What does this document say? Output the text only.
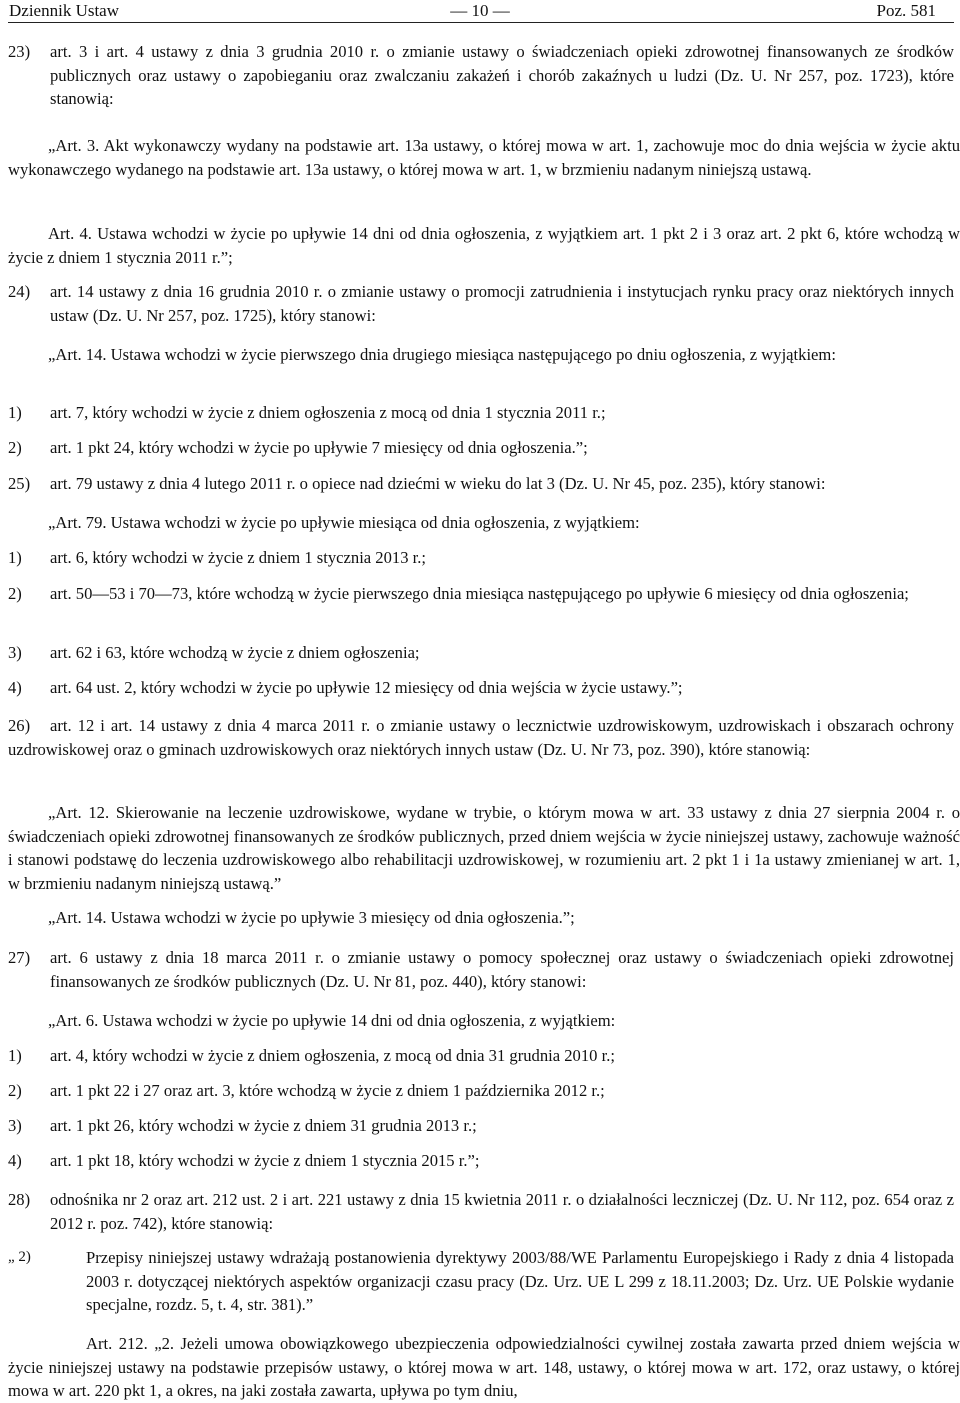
Dziennik Ustaw	— 10 —	Poz. 581
23) art. 3 i art. 4 ustawy z dnia 3 grudnia 2010 r. o zmianie ustawy o świadczeniach opieki zdrowotnej finansowanych ze środków publicznych oraz ustawy o zapobieganiu oraz zwalczaniu zakażeń i chorób zakaźnych u ludzi (Dz. U. Nr 257, poz. 1723), które stanowią:
„Art. 3. Akt wykonawczy wydany na podstawie art. 13a ustawy, o której mowa w art. 1, zachowuje moc do dnia wejścia w życie aktu wykonawczego wydanego na podstawie art. 13a ustawy, o której mowa w art. 1, w brzmieniu nadanym niniejszą ustawą.
Art. 4. Ustawa wchodzi w życie po upływie 14 dni od dnia ogłoszenia, z wyjątkiem art. 1 pkt 2 i 3 oraz art. 2 pkt 6, które wchodzą w życie z dniem 1 stycznia 2011 r.”;
24) art. 14 ustawy z dnia 16 grudnia 2010 r. o zmianie ustawy o promocji zatrudnienia i instytucjach rynku pracy oraz niektórych innych ustaw (Dz. U. Nr 257, poz. 1725), który stanowi:
„Art. 14. Ustawa wchodzi w życie pierwszego dnia drugiego miesiąca następującego po dniu ogłoszenia, z wyjątkiem:
1) art. 7, który wchodzi w życie z dniem ogłoszenia z mocą od dnia 1 stycznia 2011 r.;
2) art. 1 pkt 24, który wchodzi w życie po upływie 7 miesięcy od dnia ogłoszenia.”;
25) art. 79 ustawy z dnia 4 lutego 2011 r. o opiece nad dziećmi w wieku do lat 3 (Dz. U. Nr 45, poz. 235), który stanowi:
„Art. 79. Ustawa wchodzi w życie po upływie miesiąca od dnia ogłoszenia, z wyjątkiem:
1) art. 6, który wchodzi w życie z dniem 1 stycznia 2013 r.;
2) art. 50—53 i 70—73, które wchodzą w życie pierwszego dnia miesiąca następującego po upływie 6 miesięcy od dnia ogłoszenia;
3) art. 62 i 63, które wchodzą w życie z dniem ogłoszenia;
4) art. 64 ust. 2, który wchodzi w życie po upływie 12 miesięcy od dnia wejścia w życie ustawy.”;
26)	art. 12 i art. 14 ustawy z dnia 4 marca 2011 r. o zmianie ustawy o lecznictwie uzdrowiskowym, uzdrowiskach i obszarach ochrony uzdrowiskowej oraz o gminach uzdrowiskowych oraz niektórych innych ustaw (Dz. U. Nr 73, poz. 390), które stanowią:
„Art. 12. Skierowanie na leczenie uzdrowiskowe, wydane w trybie, o którym mowa w art. 33 ustawy z dnia 27 sierpnia 2004 r. o świadczeniach opieki zdrowotnej finansowanych ze środków publicznych, przed dniem wejścia w życie niniejszej ustawy, zachowuje ważność i stanowi podstawę do leczenia uzdrowiskowego albo rehabilitacji uzdrowiskowej, w rozumieniu art. 2 pkt 1 i 1a ustawy zmienianej w art. 1, w brzmieniu nadanym niniejszą ustawą.”
„Art. 14. Ustawa wchodzi w życie po upływie 3 miesięcy od dnia ogłoszenia.”;
27) art. 6 ustawy z dnia 18 marca 2011 r. o zmianie ustawy o pomocy społecznej oraz ustawy o świadczeniach opieki zdrowotnej finansowanych ze środków publicznych (Dz. U. Nr 81, poz. 440), który stanowi:
„Art. 6. Ustawa wchodzi w życie po upływie 14 dni od dnia ogłoszenia, z wyjątkiem:
1) art. 4, który wchodzi w życie z dniem ogłoszenia, z mocą od dnia 31 grudnia 2010 r.;
2) art. 1 pkt 22 i 27 oraz art. 3, które wchodzą w życie z dniem 1 października 2012 r.;
3) art. 1 pkt 26, który wchodzi w życie z dniem 31 grudnia 2013 r.;
4) art. 1 pkt 18, który wchodzi w życie z dniem 1 stycznia 2015 r.”;
28) odnośnika nr 2 oraz art. 212 ust. 2 i art. 221 ustawy z dnia 15 kwietnia 2011 r. o działalności leczniczej (Dz. U. Nr 112, poz. 654 oraz z 2012 r. poz. 742), które stanowią:
„ 2)	Przepisy niniejszej ustawy wdrażają postanowienia dyrektywy 2003/88/WE Parlamentu Europejskiego i Rady z dnia 4 listopada 2003 r. dotyczącej niektórych aspektów organizacji czasu pracy (Dz. Urz. UE L 299 z 18.11.2003; Dz. Urz. UE Polskie wydanie specjalne, rozdz. 5, t. 4, str. 381).”
Art. 212. „2. Jeżeli umowa obowiązkowego ubezpieczenia odpowiedzialności cywilnej została zawarta przed dniem wejścia w życie niniejszej ustawy na podstawie przepisów ustawy, o której mowa w art. 148, ustawy, o której mowa w art. 172, oraz ustawy, o której mowa w art. 220 pkt 1, a okres, na jaki została zawarta, upływa po tym dniu,
